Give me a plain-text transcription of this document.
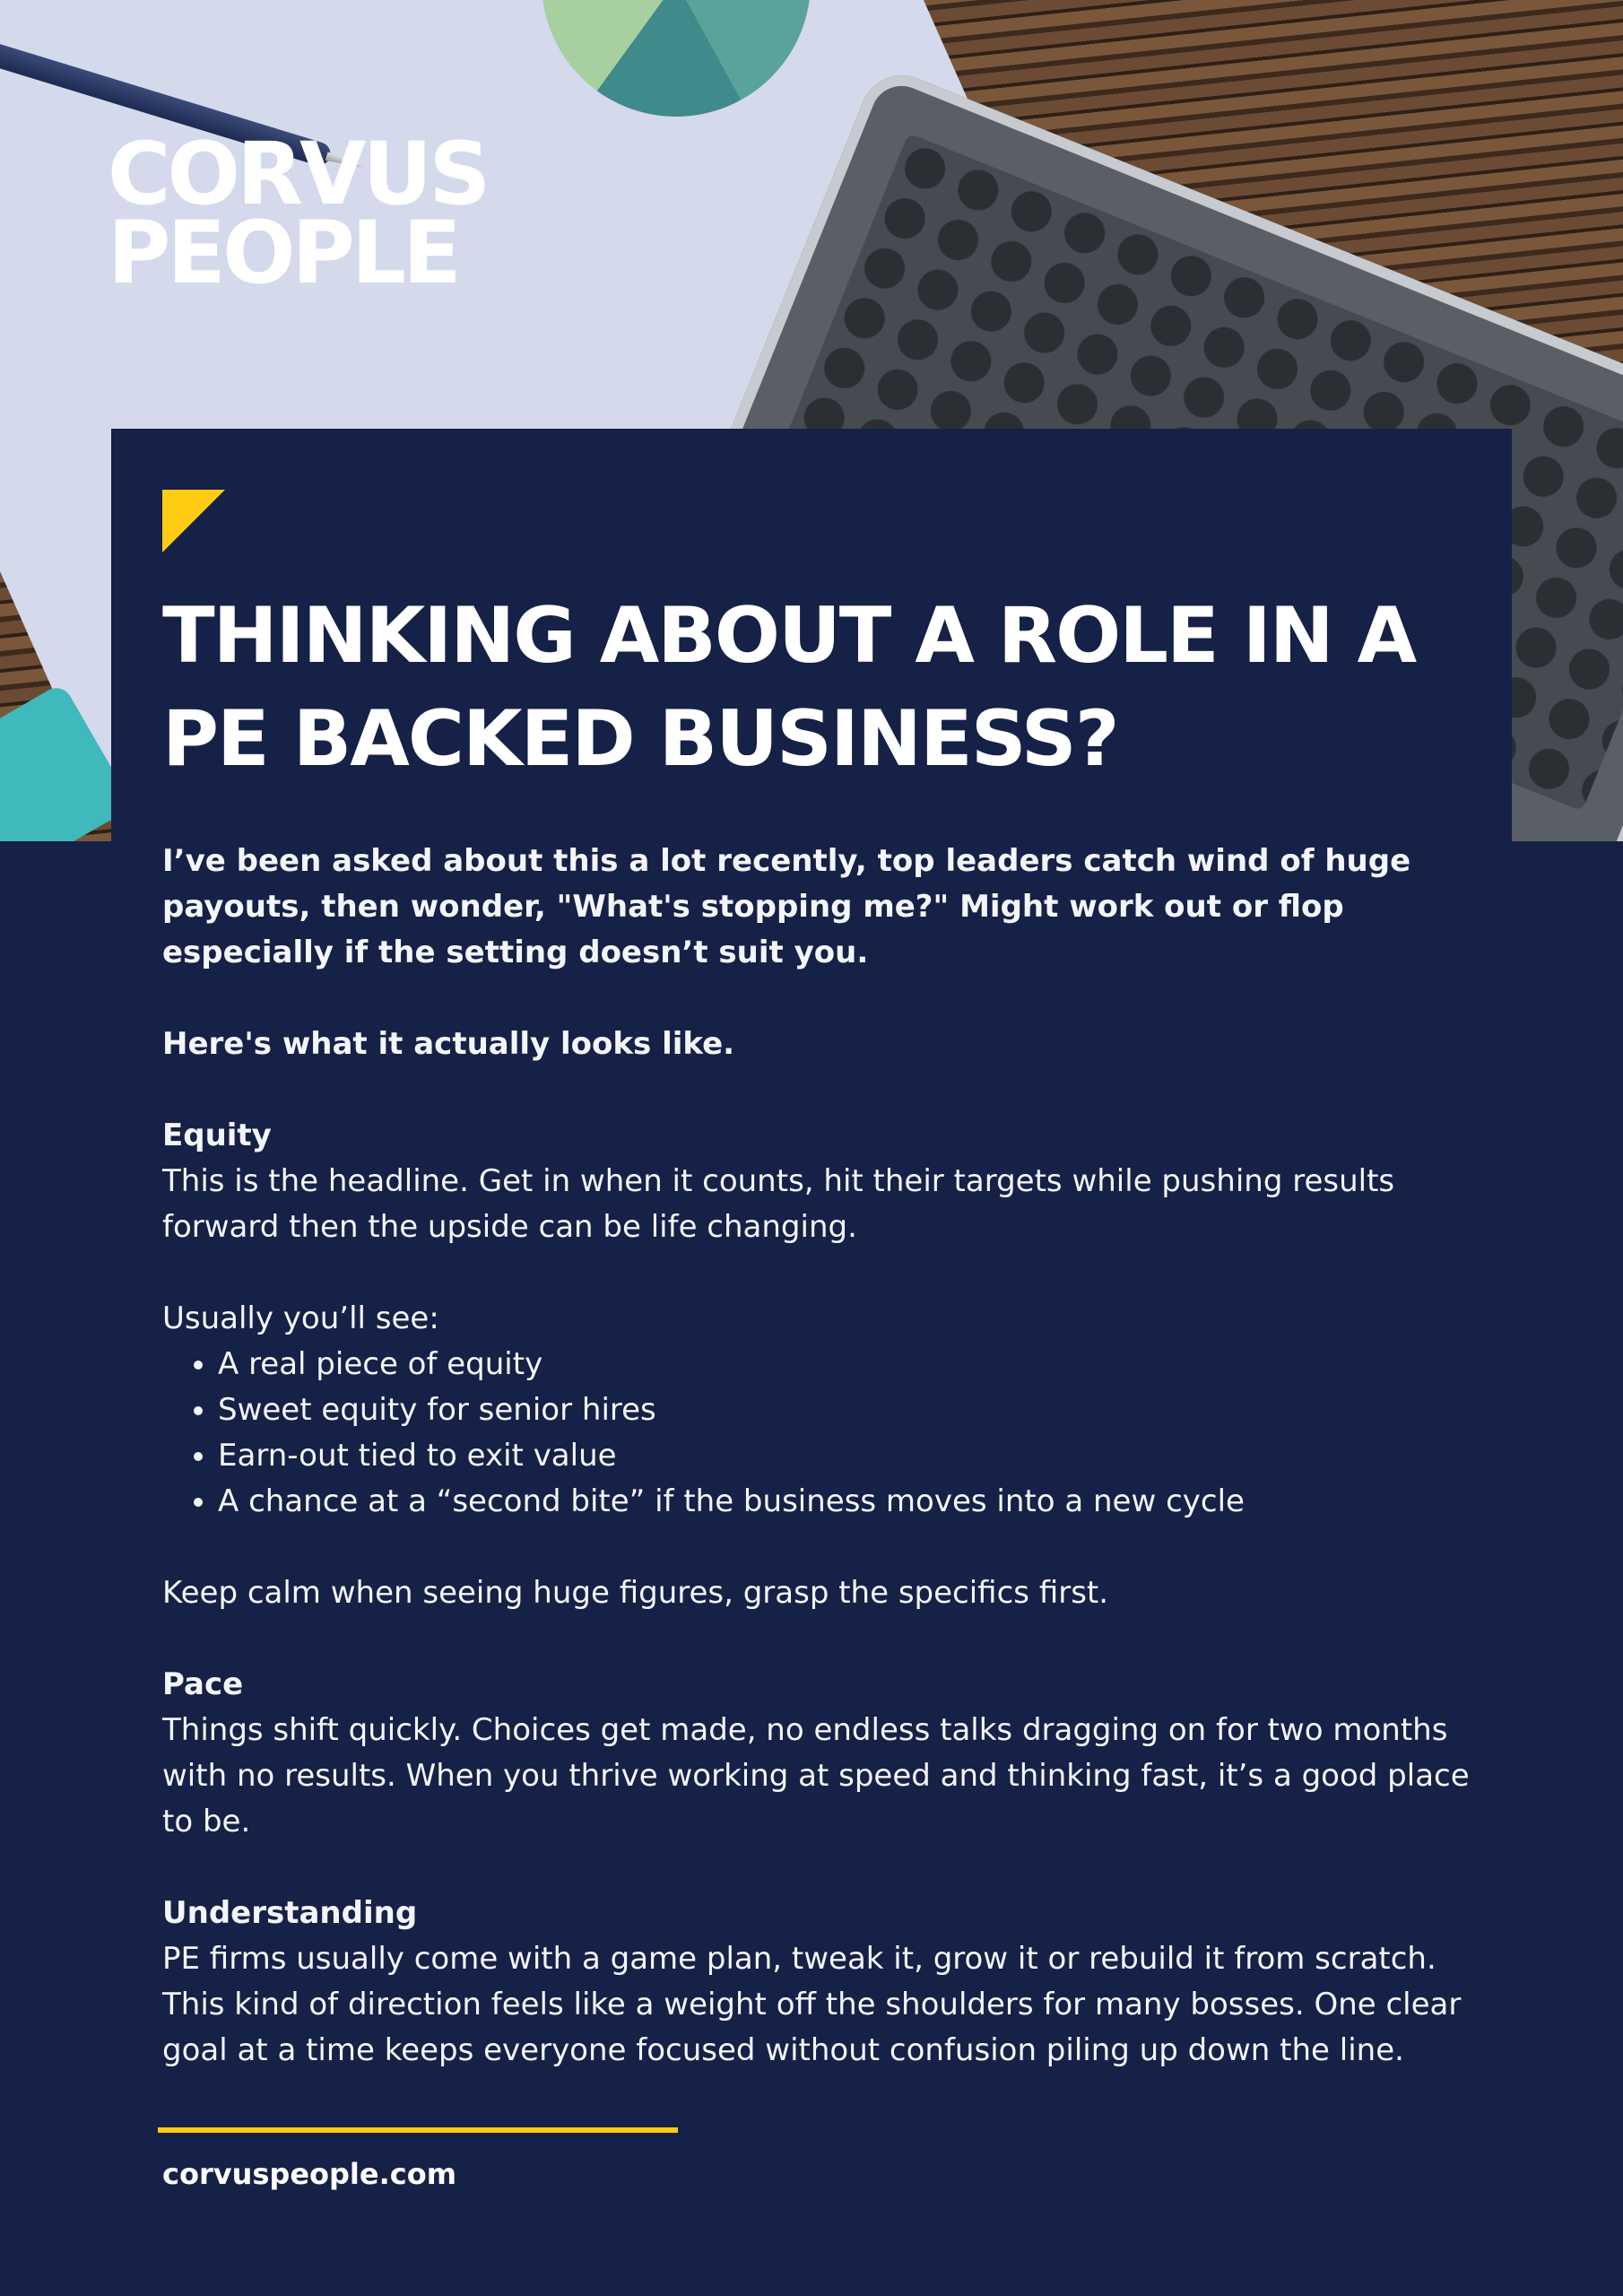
CORVUS
PEOPLE
THINKING ABOUT A ROLE IN A PE BACKED BUSINESS?

I’ve been asked about this a lot recently, top leaders catch wind of huge payouts, then wonder, "What's stopping me?" Might work out or flop especially if the setting doesn’t suit you.

Here's what it actually looks like.

Equity

This is the headline. Get in when it counts, hit their targets while pushing results forward then the upside can be life changing.

Usually you’ll see:

• A real piece of equity
• Sweet equity for senior hires
• Earn-out tied to exit value
• A chance at a “second bite” if the business moves into a new cycle

Keep calm when seeing huge figures, grasp the specifics first.

Pace

Things shift quickly. Choices get made, no endless talks dragging on for two months with no results. When you thrive working at speed and thinking fast, it’s a good place to be.

Understanding

PE firms usually come with a game plan, tweak it, grow it or rebuild it from scratch. This kind of direction feels like a weight off the shoulders for many bosses. One clear goal at a time keeps everyone focused without confusion piling up down the line.

corvuspeople.com
